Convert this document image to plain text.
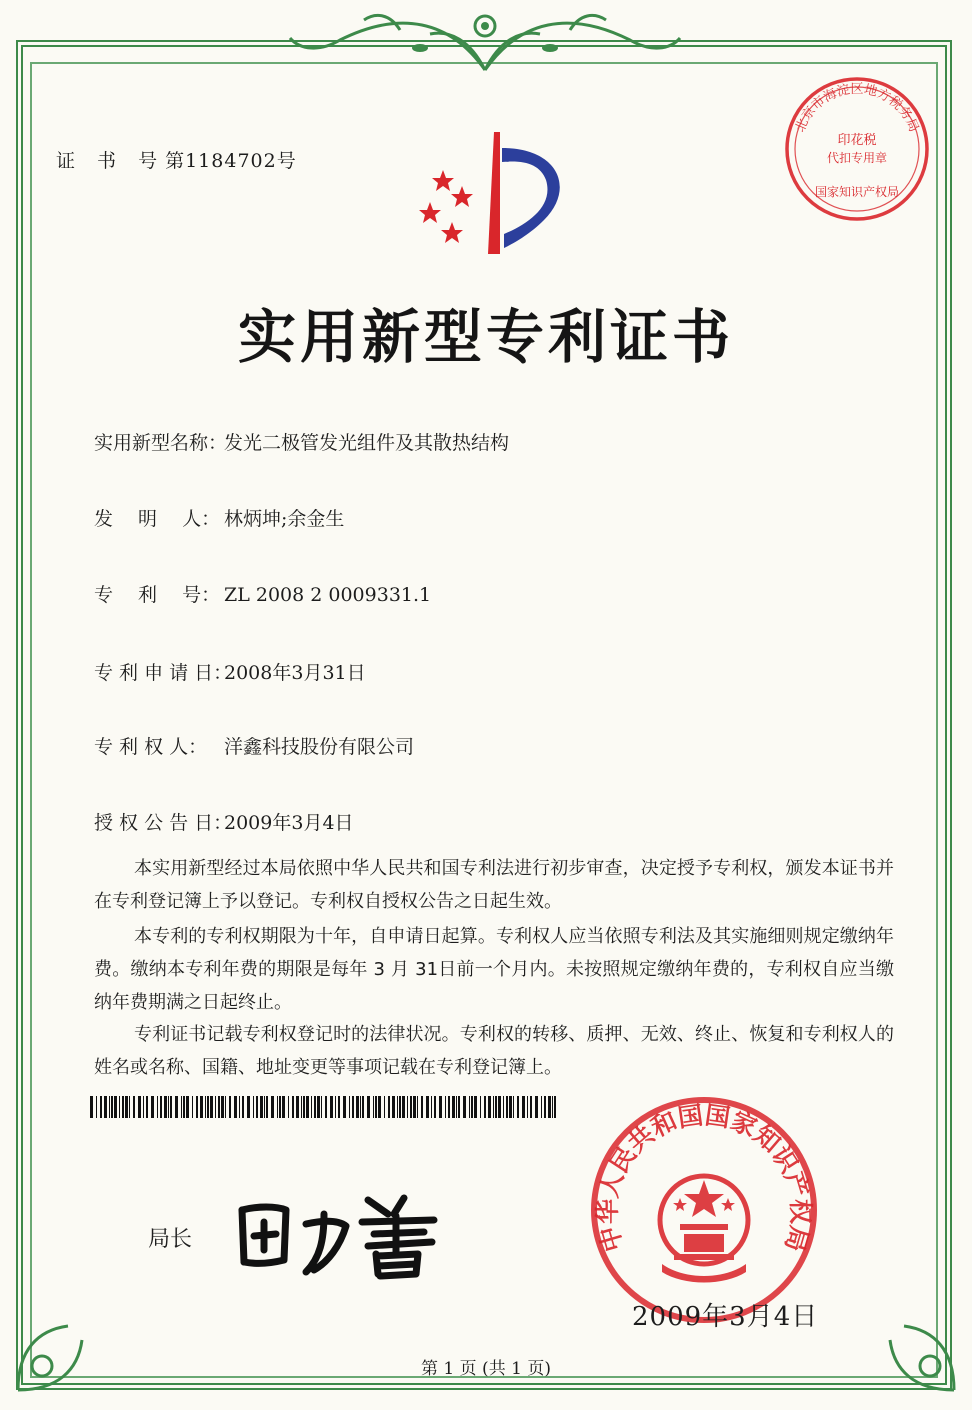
北京市海淀区地方税务局
印花税
代扣专用章
国家知识产权局
证 书 号第1184702号
实用新型专利证书
实用新型名称：发光二极管发光组件及其散热结构
发　 明　 人： 林炳坤;余金生
专　 利　 号： ZL 2008 2 0009331.1
专 利 申 请 日：2008年3月31日
专 利 权 人： 洋鑫科技股份有限公司
授 权 公 告 日：2009年3月4日
本实用新型经过本局依照中华人民共和国专利法进行初步审查，决定授予专利权，颁发本证书并在专利登记簿上予以登记。专利权自授权公告之日起生效。
本专利的专利权期限为十年，自申请日起算。专利权人应当依照专利法及其实施细则规定缴纳年费。缴纳本专利年费的期限是每年 3 月 31日前一个月内。未按照规定缴纳年费的，专利权自应当缴纳年费期满之日起终止。
专利证书记载专利权登记时的法律状况。专利权的转移、质押、无效、终止、恢复和专利权人的姓名或名称、国籍、地址变更等事项记载在专利登记簿上。
局长	中华人民共和国国家知识产权局
2009年3月4日
第 1 页 (共 1 页)
